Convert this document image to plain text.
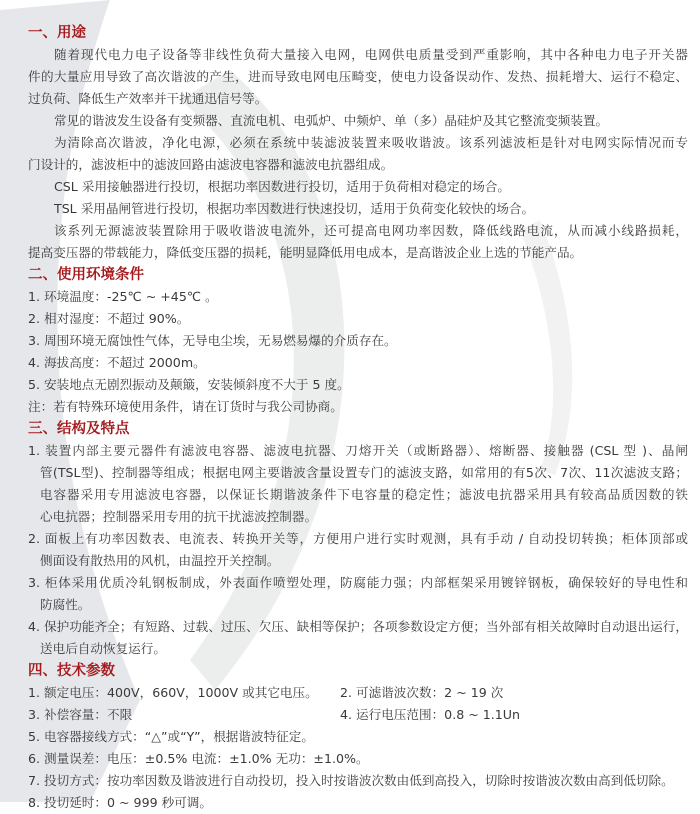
一、用途
随着现代电力电子设备等非线性负荷大量接入电网，电网供电质量受到严重影响，其中各种电力电子开关器
件的大量应用导致了高次谐波的产生，进而导致电网电压畸变，使电力设备误动作、发热、损耗增大、运行不稳定、
过负荷、降低生产效率并干扰通迅信号等。
常见的谐波发生设备有变频器、直流电机、电弧炉、中频炉、单（多）晶硅炉及其它整流变频装置。
为清除高次谐波，净化电源，必须在系统中装滤波装置来吸收谐波。该系列滤波柜是针对电网实际情况而专
门设计的，滤波柜中的滤波回路由滤波电容器和滤波电抗器组成。
CSL 采用接触器进行投切，根据功率因数进行投切，适用于负荷相对稳定的场合。
TSL 采用晶闸管进行投切，根据功率因数进行快速投切，适用于负荷变化较快的场合。
该系列无源滤波装置除用于吸收谐波电流外，还可提高电网功率因数，降低线路电流，从而减小线路损耗，
提高变压器的带载能力，降低变压器的损耗，能明显降低用电成本，是高谐波企业上选的节能产品。
二、使用环境条件
1. 环境温度：-25℃ ~ +45℃ 。
2. 相对湿度：不超过 90%。
3. 周围环境无腐蚀性气体，无导电尘埃，无易燃易爆的介质存在。
4. 海拔高度：不超过 2000m。
5. 安装地点无剧烈振动及颠簸，安装倾斜度不大于 5 度。
注：若有特殊环境使用条件，请在订货时与我公司协商。
三、结构及特点
1. 装置内部主要元器件有滤波电容器、滤波电抗器、刀熔开关（或断路器）、熔断器、接触器 (CSL 型 )、晶闸
管(TSL型)、控制器等组成；根据电网主要谐波含量设置专门的滤波支路，如常用的有5次、7次、11次滤波支路；
电容器采用专用滤波电容器，以保证长期谐波条件下电容量的稳定性；滤波电抗器采用具有较高品质因数的铁
心电抗器；控制器采用专用的抗干扰滤波控制器。
2. 面板上有功率因数表、电流表、转换开关等，方便用户进行实时观测，具有手动 / 自动投切转换；柜体顶部或
侧面设有散热用的风机，由温控开关控制。
3. 柜体采用优质冷轧钢板制成，外表面作喷塑处理，防腐能力强；内部框架采用镀锌钢板，确保较好的导电性和
防腐性。
4. 保护功能齐全；有短路、过载、过压、欠压、缺相等保护；各项参数设定方便；当外部有相关故障时自动退出运行，
送电后自动恢复运行。
四、技术参数
1. 额定电压：400V，660V，1000V 或其它电压。	2. 可滤谐波次数：2 ~ 19 次
3. 补偿容量：不限	4. 运行电压范围：0.8 ~ 1.1Un
5. 电容器接线方式：“△”或“Y”，根据谐波特征定。
6. 测量误差：电压：±0.5% 电流：±1.0% 无功：±1.0%。
7. 投切方式：按功率因数及谐波进行自动投切，投入时按谐波次数由低到高投入，切除时按谐波次数由高到低切除。
8. 投切延时：0 ~ 999 秒可调。
